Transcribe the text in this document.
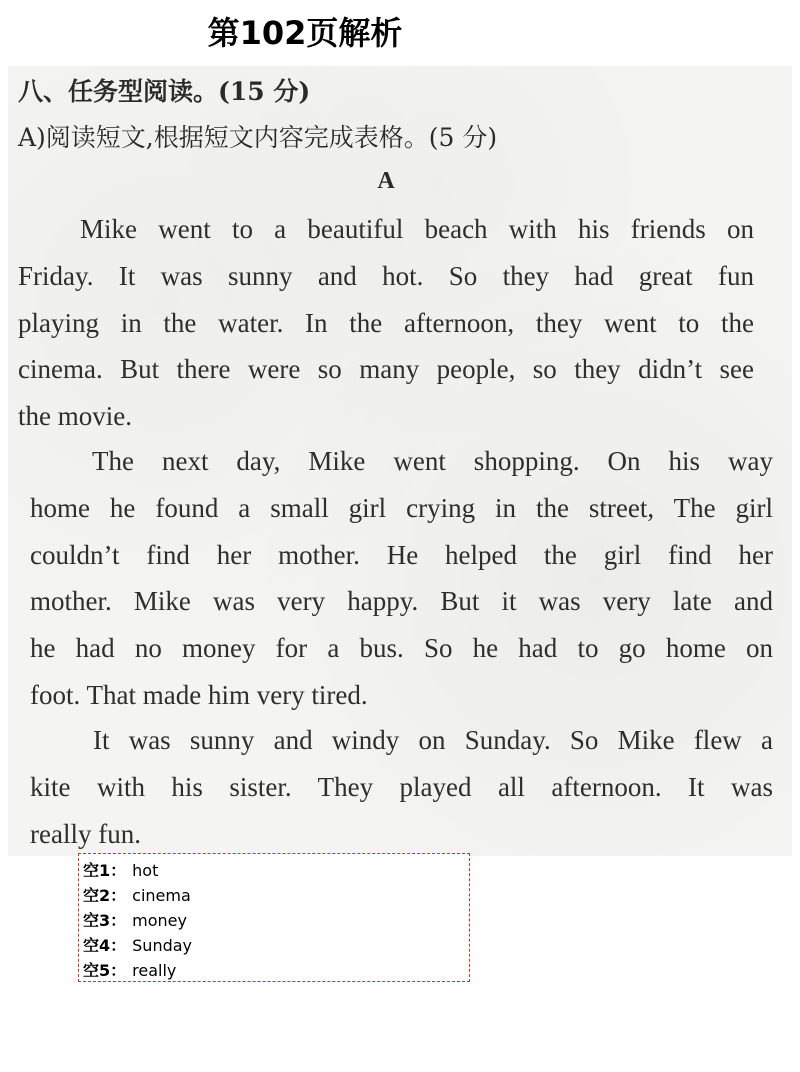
第102页解析
八、任务型阅读。(15 分)
A)阅读短文,根据短文内容完成表格。(5 分)
A
Mike went to a beautiful beach with his friends on
Friday. It was sunny and hot. So they had great fun
playing in the water. In the afternoon, they went to the
cinema. But there were so many people, so they didn’t see
the movie.
The next day, Mike went shopping. On his way
home he found a small girl crying in the street, The girl
couldn’t find her mother. He helped the girl find her
mother. Mike was very happy. But it was very late and
he had no money for a bus. So he had to go home on
foot. That made him very tired.
It was sunny and windy on Sunday. So Mike flew a
kite with his sister. They played all afternoon. It was
really fun.
空1： hot
空2： cinema
空3： money
空4： Sunday
空5： really
